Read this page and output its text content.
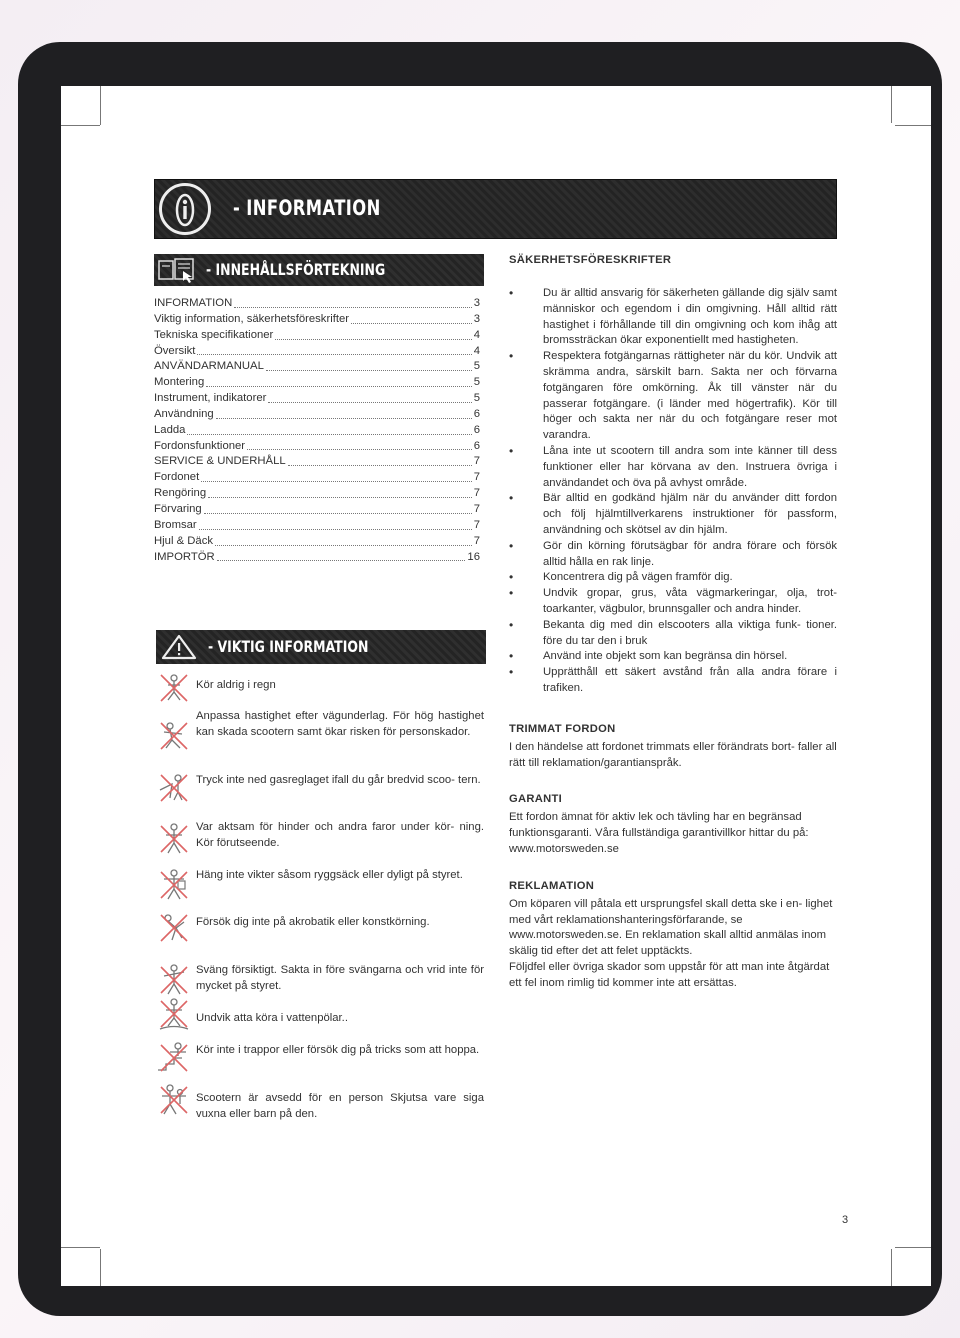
- INFORMATION
- INNEHÅLLSFÖRTEKNING
INFORMATION	3
Viktig information, säkerhetsföreskrifter	3
Tekniska specifikationer	4
Översikt	4
ANVÄNDARMANUAL	5
Montering	5
Instrument, indikatorer	5
Användning	6
Ladda	6
Fordonsfunktioner	6
SERVICE & UNDERHÅLL	7
Fordonet	7
Rengöring	7
Förvaring	7
Bromsar	7
Hjul & Däck	7
IMPORTÖR	16
- VIKTIG INFORMATION
Kör aldrig i regn
Anpassa hastighet efter vägunderlag. För hög hastighet kan skada scootern samt ökar risken för personskador.
Tryck inte ned gasreglaget ifall du går bredvid scoo- tern.
Var aktsam för hinder och andra faror under kör- ning. Kör förutseende.
Häng inte vikter såsom ryggsäck eller dyligt på styret.
Försök dig inte på akrobatik eller konstkörning.
Sväng försiktigt. Sakta in före svängarna och vrid inte för mycket på styret.
Undvik atta köra i vattenpölar..
Kör inte i trappor eller försök dig på tricks som att hoppa.
Scootern är avsedd för en person Skjutsa vare siga vuxna eller barn på den.
SÄKERHETSFÖRESKRIFTER
• Du är alltid ansvarig för säkerheten gällande dig själv samt människor och egendom i din omgivning. Håll alltid rätt hastighet i förhållande till din omgivning och kom ihåg att bromssträckan ökar exponentiellt med hastigheten.
• Respektera fotgängarnas rättigheter när du kör. Undvik att skrämma andra, särskilt barn. Sakta ner och förvarna fotgängaren före omkörning. Åk till vänster när du passerar fotgängare. (i länder med högertrafik). Kör till höger och sakta ner när du och fotgängare reser mot varandra.
• Låna inte ut scootern till andra som inte känner till dess funktioner eller har körvana av den. Instruera övriga i användandet och öva på avhyst område.
• Bär alltid en godkänd hjälm när du använder ditt fordon och följ hjälmtillverkarens instruktioner för passform, användning och skötsel av din hjälm.
• Gör din körning förutsägbar för andra förare och försök alltid hålla en rak linje.
• Koncentrera dig på vägen framför dig.
• Undvik gropar, grus, våta vägmarkeringar, olja, trot- toarkanter, vägbulor, brunnsgaller och andra hinder.
• Bekanta dig med din elscooters alla viktiga funk- tioner. före du tar den i bruk
• Använd inte objekt som kan begränsa din hörsel.
• Upprätthåll ett säkert avstånd från alla andra förare i trafiken.
TRIMMAT FORDON
I den händelse att fordonet trimmats eller förändrats bort- faller all rätt till reklamation/garantianspråk.
GARANTI
Ett fordon ämnat för aktiv lek och tävling har en begränsad funktionsgaranti. Våra fullständiga garantivillkor hittar du på: www.motorsweden.se
REKLAMATION
Om köparen vill påtala ett ursprungsfel skall detta ske i en- lighet med vårt reklamationshanteringsförfarande, se www.motorsweden.se. En reklamation skall alltid anmälas inom skälig tid efter det att felet upptäckts.
Följdfel eller övriga skador som uppstår för att man inte åtgärdat ett fel inom rimlig tid kommer inte att ersättas.
3
